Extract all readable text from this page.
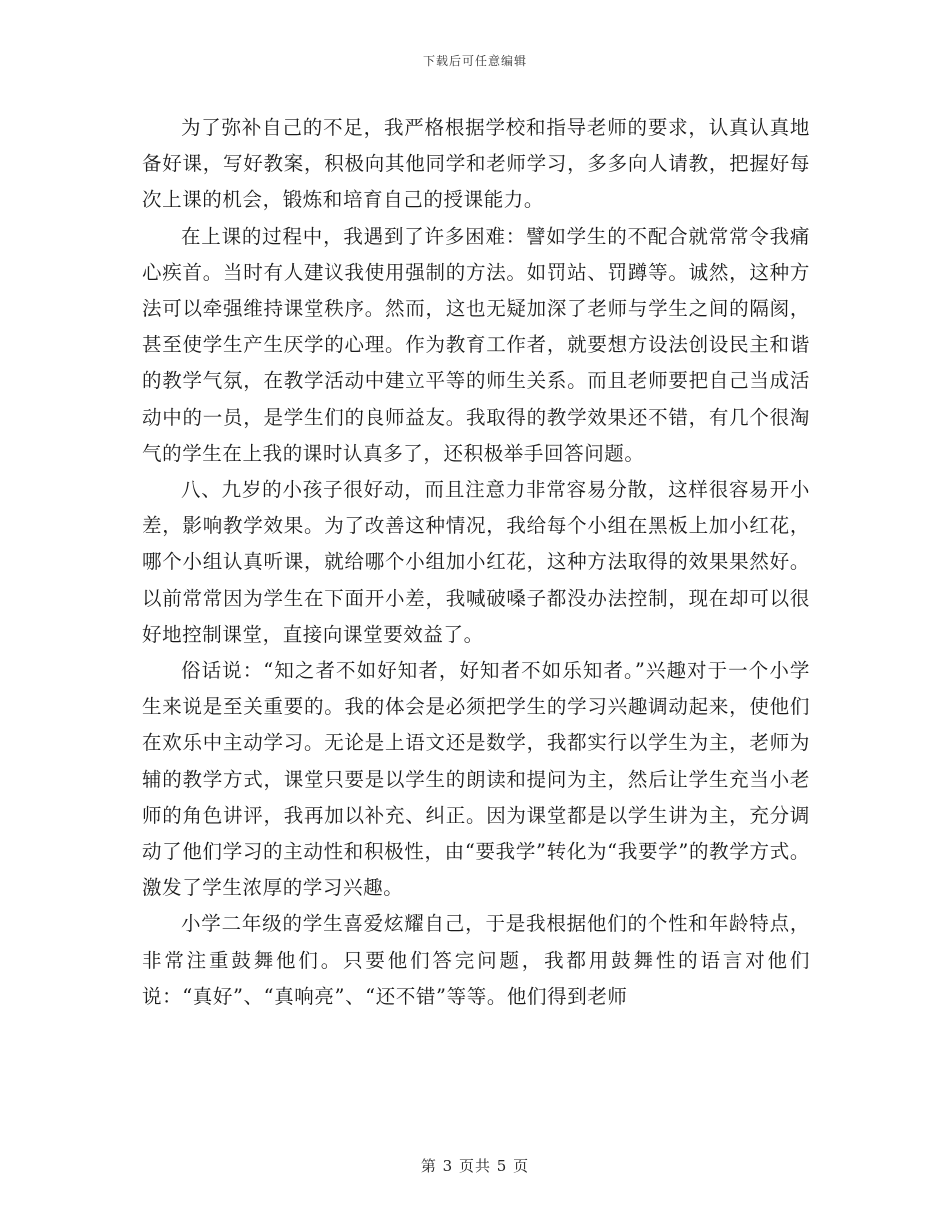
下载后可任意编辑

为了弥补自己的不足，我严格根据学校和指导老师的要求，认真认真地备好课，写好教案，积极向其他同学和老师学习，多多向人请教，把握好每次上课的机会，锻炼和培育自己的授课能力。

在上课的过程中，我遇到了许多困难：譬如学生的不配合就常常令我痛心疾首。当时有人建议我使用强制的方法。如罚站、罚蹲等。诚然，这种方法可以牵强维持课堂秩序。然而，这也无疑加深了老师与学生之间的隔阂，甚至使学生产生厌学的心理。作为教育工作者，就要想方设法创设民主和谐的教学气氛，在教学活动中建立平等的师生关系。而且老师要把自己当成活动中的一员，是学生们的良师益友。我取得的教学效果还不错，有几个很淘气的学生在上我的课时认真多了，还积极举手回答问题。

八、九岁的小孩子很好动，而且注意力非常容易分散，这样很容易开小差，影响教学效果。为了改善这种情况，我给每个小组在黑板上加小红花，哪个小组认真听课，就给哪个小组加小红花，这种方法取得的效果果然好。以前常常因为学生在下面开小差，我喊破嗓子都没办法控制，现在却可以很好地控制课堂，直接向课堂要效益了。

俗话说：“知之者不如好知者，好知者不如乐知者。”兴趣对于一个小学生来说是至关重要的。我的体会是必须把学生的学习兴趣调动起来，使他们在欢乐中主动学习。无论是上语文还是数学，我都实行以学生为主，老师为辅的教学方式，课堂只要是以学生的朗读和提问为主，然后让学生充当小老师的角色讲评，我再加以补充、纠正。因为课堂都是以学生讲为主，充分调动了他们学习的主动性和积极性，由“要我学”转化为“我要学”的教学方式。激发了学生浓厚的学习兴趣。

小学二年级的学生喜爱炫耀自己，于是我根据他们的个性和年龄特点，非常注重鼓舞他们。只要他们答完问题，我都用鼓舞性的语言对他们说：“真好”、“真响亮”、“还不错”等等。他们得到老师

第 3 页共 5 页
